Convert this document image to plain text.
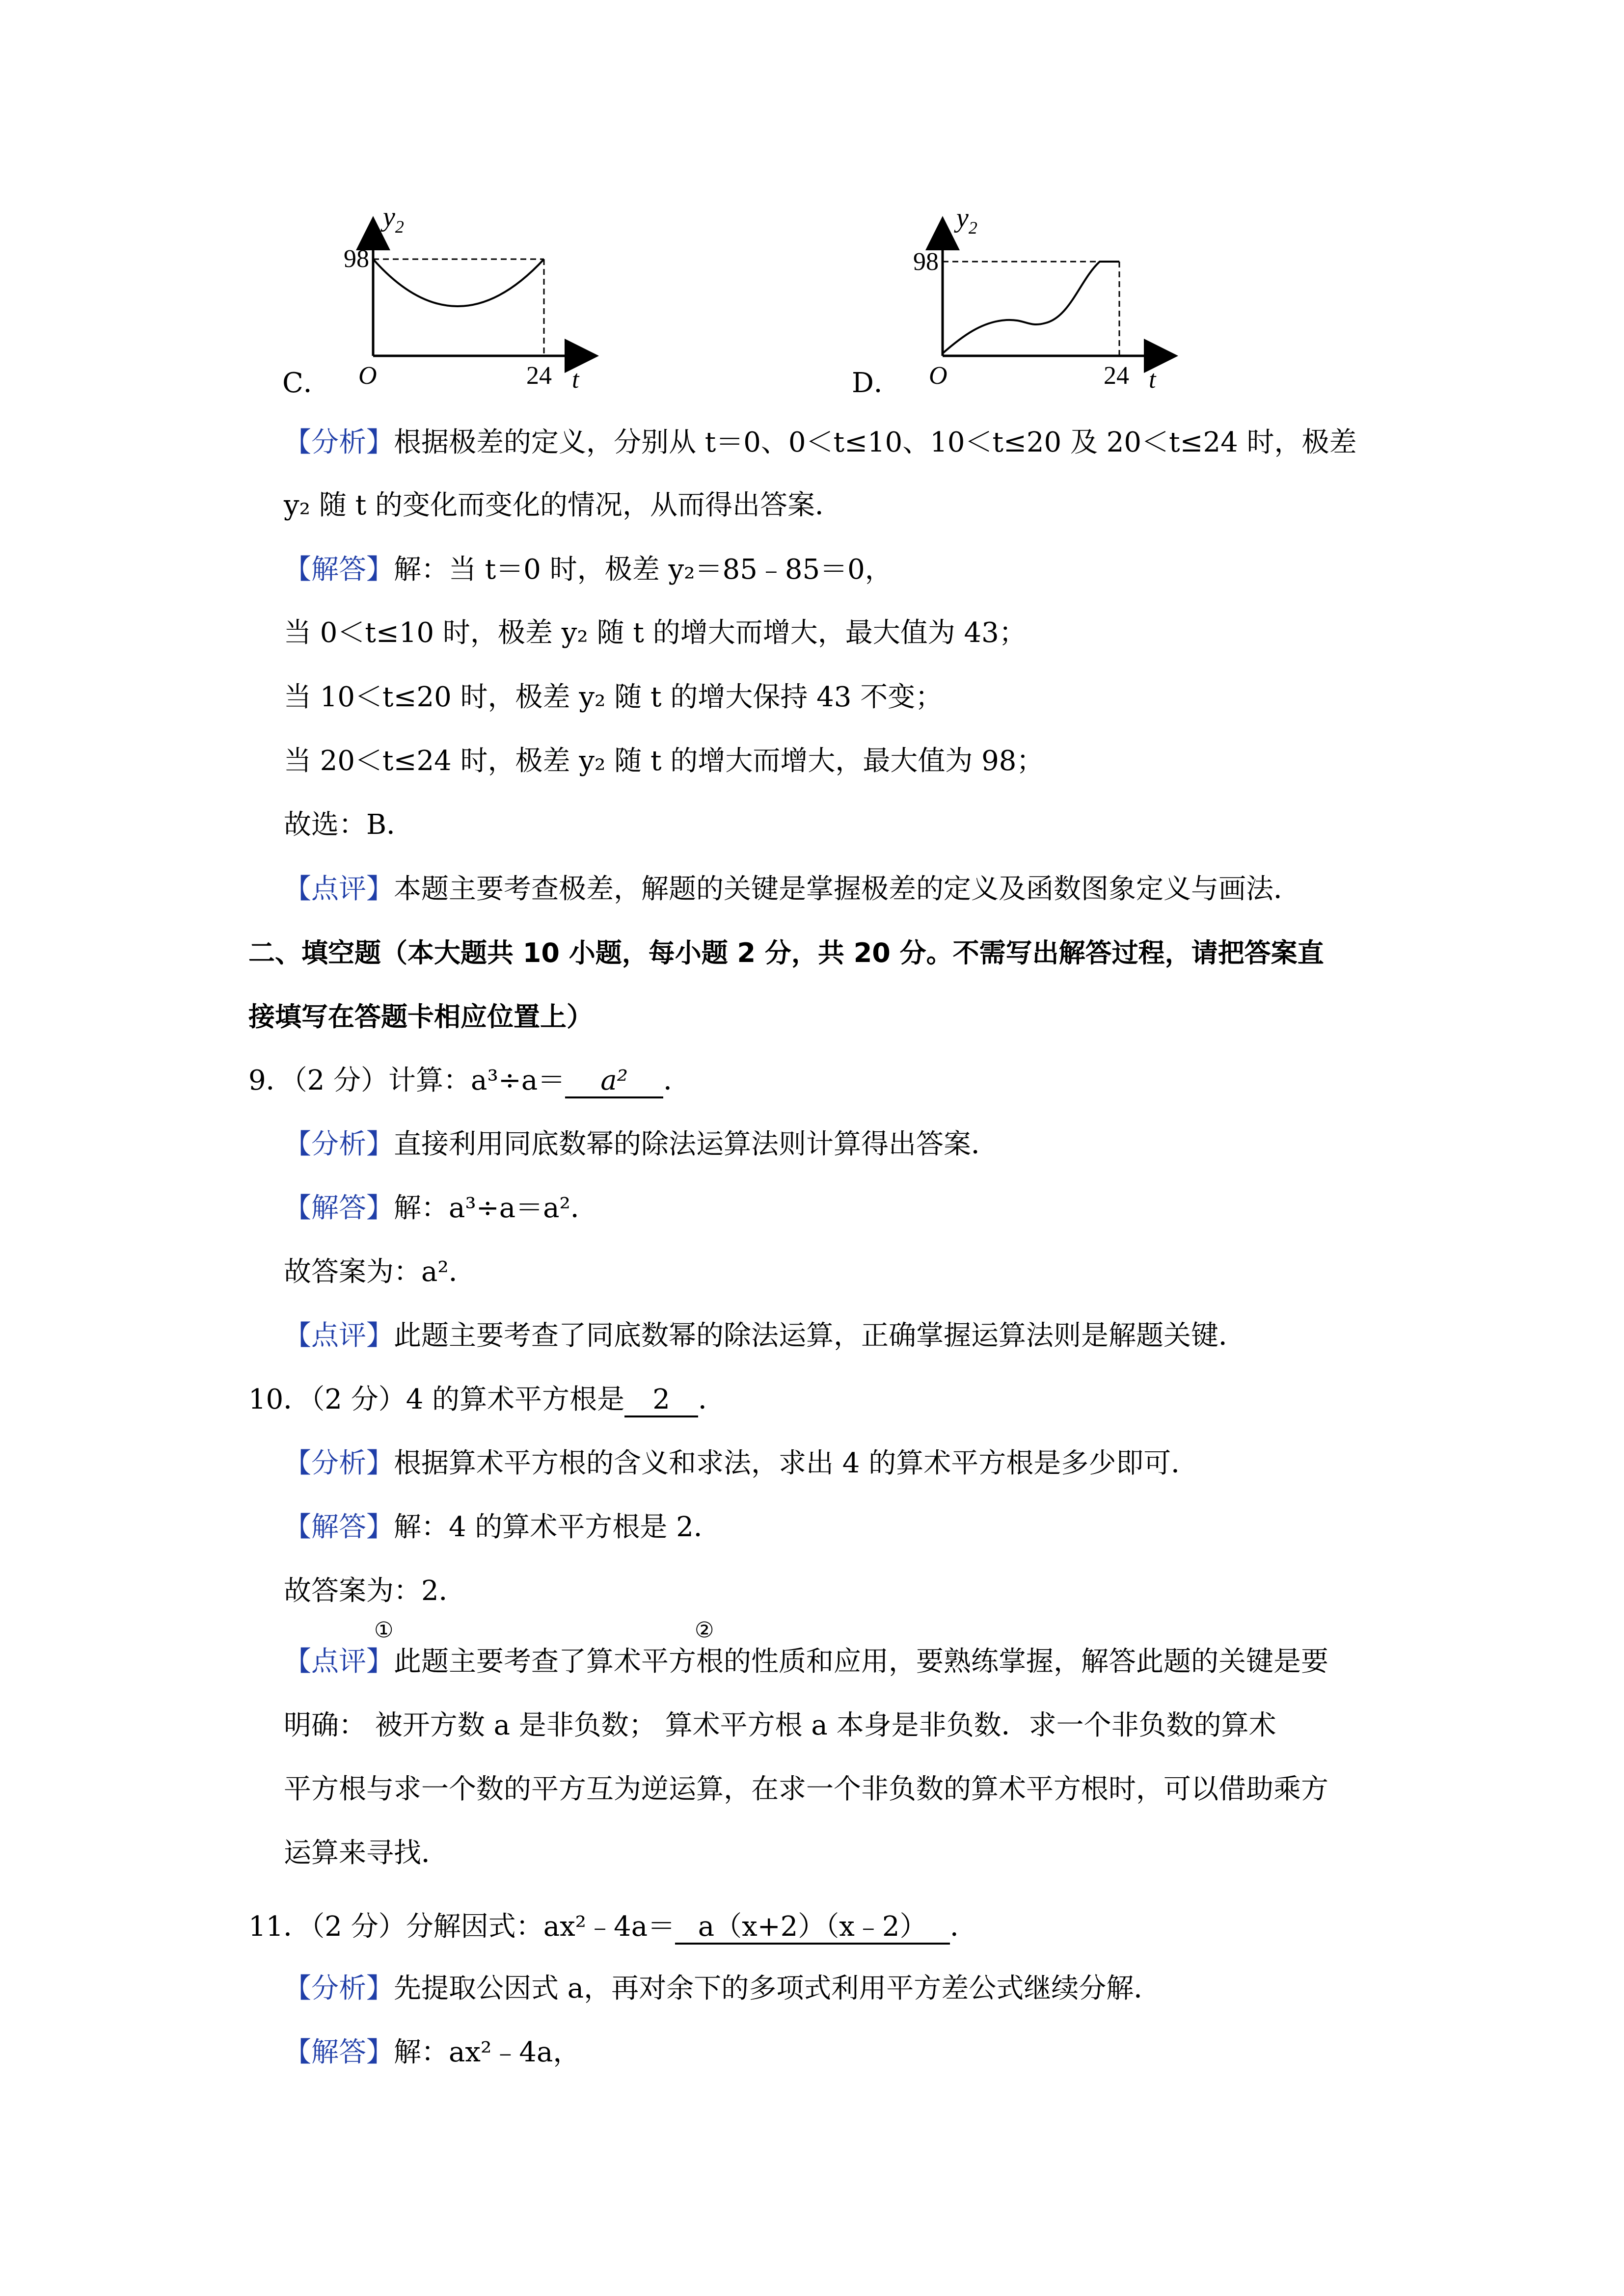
$y_2$
98
O	24 t
C．
$y_2$
98
O	24 t
D．
【分析】根据极差的定义，分别从 t＝0、0＜t≤10、10＜t≤20 及 20＜t≤24 时，极差
y₂ 随 t 的变化而变化的情况，从而得出答案．
【解答】解：当 t＝0 时，极差 y₂＝85﹣85＝0，
当 0＜t≤10 时，极差 y₂ 随 t 的增大而增大，最大值为 43；
当 10＜t≤20 时，极差 y₂ 随 t 的增大保持 43 不变；
当 20＜t≤24 时，极差 y₂ 随 t 的增大而增大，最大值为 98；
故选：B．
【点评】本题主要考查极差，解题的关键是掌握极差的定义及函数图象定义与画法．
二、填空题（本大题共 10 小题，每小题 2 分，共 20 分。不需写出解答过程，请把答案直
接填写在答题卡相应位置上）
9．（2 分）计算：a³÷a＝ a² ．
【分析】直接利用同底数幂的除法运算法则计算得出答案．
【解答】解：a³÷a＝a²．
故答案为：a²．
【点评】此题主要考查了同底数幂的除法运算，正确掌握运算法则是解题关键．
10．（2 分）4 的算术平方根是 2 ．
【分析】根据算术平方根的含义和求法，求出 4 的算术平方根是多少即可．
【解答】解：4 的算术平方根是 2．
故答案为：2．
①	②
【点评】此题主要考查了算术平方根的性质和应用，要熟练掌握，解答此题的关键是要
明确： 被开方数 a 是非负数； 算术平方根 a 本身是非负数．求一个非负数的算术
平方根与求一个数的平方互为逆运算，在求一个非负数的算术平方根时，可以借助乘方
运算来寻找．
11．（2 分）分解因式：ax²﹣4a＝ a（x+2）（x﹣2） ．
【分析】先提取公因式 a，再对余下的多项式利用平方差公式继续分解．
【解答】解：ax²﹣4a，
